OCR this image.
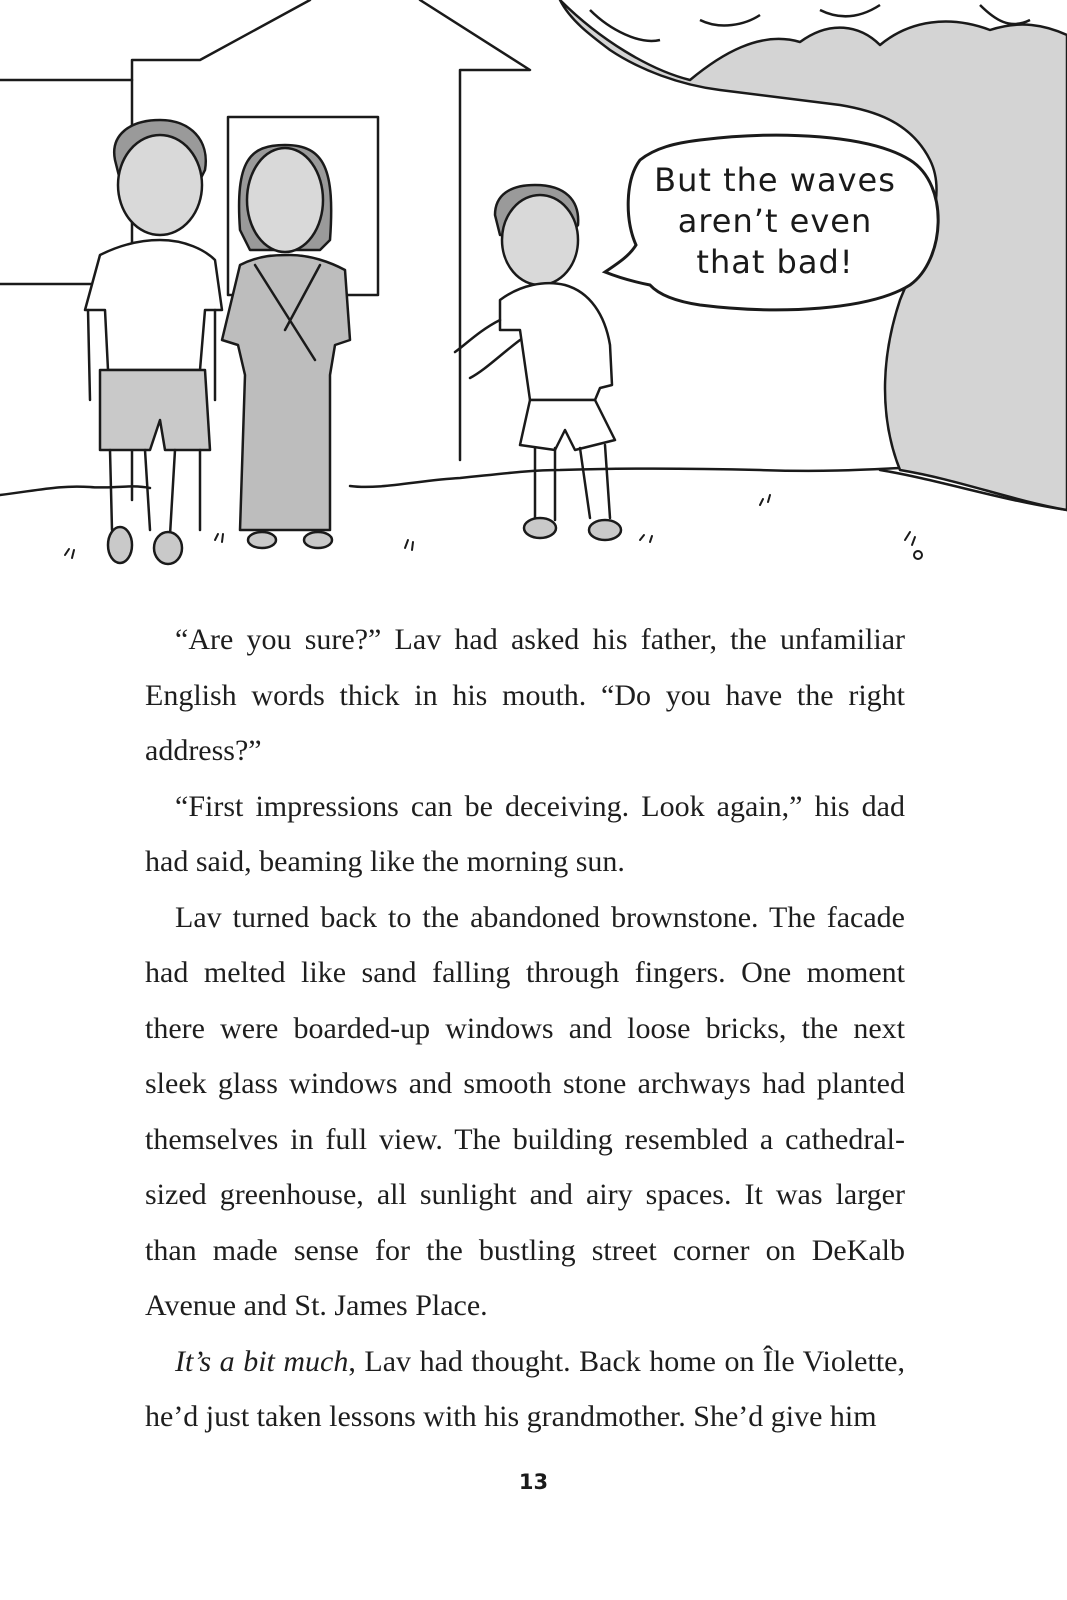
But the waves
aren’t even
that bad!

“Are you sure?” Lav had asked his father, the unfamiliar English words thick in his mouth. “Do you have the right address?”

“First impressions can be deceiving. Look again,” his dad had said, beaming like the morning sun.

Lav turned back to the abandoned brownstone. The facade had melted like sand falling through fingers. One moment there were boarded-up windows and loose bricks, the next sleek glass windows and smooth stone archways had planted themselves in full view. The building resembled a cathedral-sized greenhouse, all sunlight and airy spaces. It was larger than made sense for the bustling street corner on DeKalb Avenue and St. James Place.

It’s a bit much, Lav had thought. Back home on Île Violette, he’d just taken lessons with his grandmother. She’d give him

13
